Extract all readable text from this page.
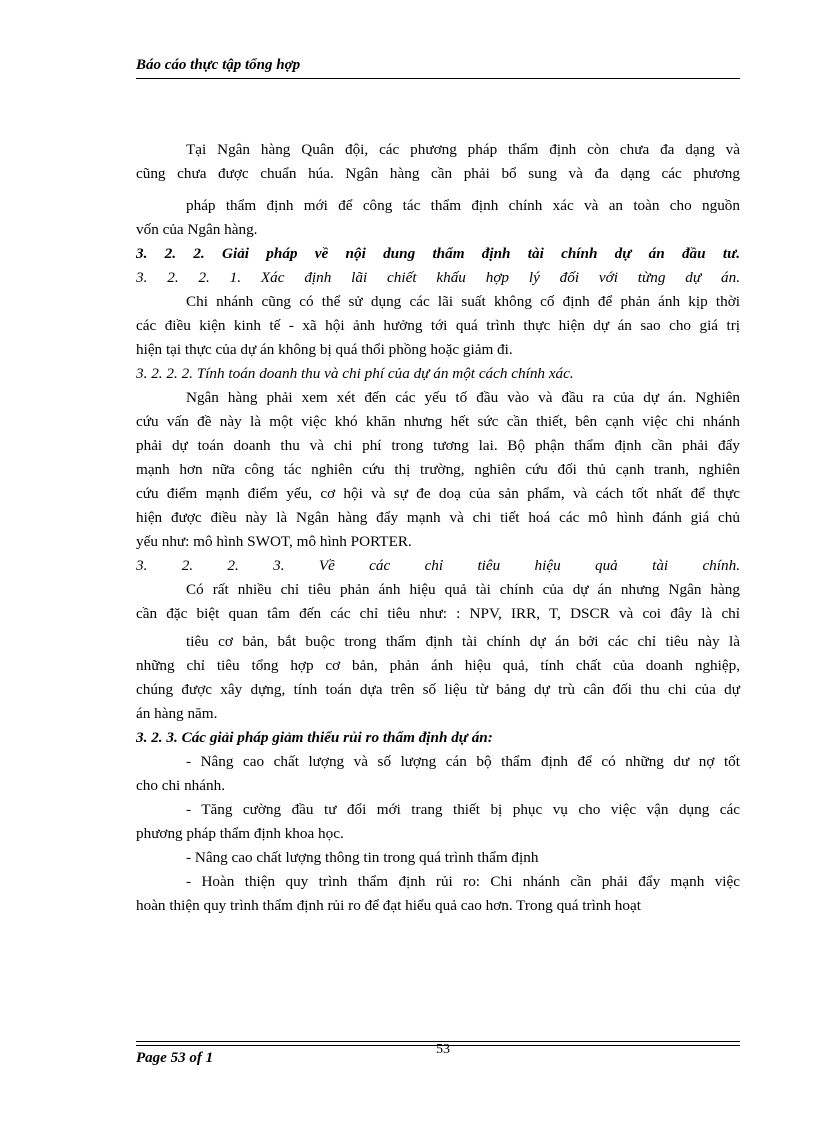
Báo cáo thực tập tổng hợp

Tại Ngân hàng Quân đội, các phương pháp thẩm định còn chưa đa dạng và
cũng chưa được chuẩn húa. Ngân hàng cần phải bổ sung và đa dạng các phương

pháp thẩm định mới để công tác thẩm định chính xác và an toàn cho nguồn
vốn của Ngân hàng.

3. 2. 2. Giải pháp về nội dung thẩm định tài chính dự án đầu tư.

3. 2. 2. 1. Xác định lãi chiết khấu hợp lý đối với từng dự án.

Chi nhánh cũng có thể sử dụng các lãi suất không cố định để phản ánh kịp thời
các điều kiện kinh tế - xã hội ảnh hưởng tới quá trình thực hiện dự án sao cho giá trị
hiện tại thực của dự án không bị quá thổi phồng hoặc giảm đi.

3. 2. 2. 2. Tính toán doanh thu và chi phí của dự án một cách chính xác.

Ngân hàng phải xem xét đến các yếu tố đầu vào và đầu ra của dự án. Nghiên
cứu vấn đề này là một việc khó khăn nhưng hết sức cần thiết, bên cạnh việc chi nhánh
phải dự toán doanh thu và chi phí trong tương lai. Bộ phận thẩm định cần phải đẩy
mạnh hơn nữa công tác nghiên cứu thị trường, nghiên cứu đối thủ cạnh tranh, nghiên
cứu điểm mạnh điểm yếu, cơ hội và sự đe doạ của sản phẩm, và cách tốt nhất để thực
hiện được điều này là Ngân hàng đẩy mạnh và chi tiết hoá các mô hình đánh giá chủ
yếu như: mô hình SWOT, mô hình PORTER.

3. 2. 2. 3. Về các chỉ tiêu hiệu quả tài chính.

Có rất nhiều chỉ tiêu phản ánh hiệu quả tài chính của dự án nhưng Ngân hàng
cần đặc biệt quan tâm đến các chỉ tiêu như: : NPV, IRR, T, DSCR và coi đây là chỉ

tiêu cơ bản, bắt buộc trong thẩm định tài chính dự án bởi các chỉ tiêu này là
những chỉ tiêu tổng hợp cơ bản, phản ánh hiệu quả, tính chất của doanh nghiệp,
chúng được xây dựng, tính toán dựa trên số liệu từ bảng dự trù cân đối thu chi của dự
án hàng năm.

3. 2. 3. Các giải pháp giảm thiểu rủi ro thẩm định dự án:

- Nâng cao chất lượng và số lượng cán bộ thẩm định để có những dư nợ tốt
cho chi nhánh.

- Tăng cường đầu tư đổi mới trang thiết bị phục vụ cho việc vận dụng các
phương pháp thẩm định khoa học.

- Nâng cao chất lượng thông tin trong quá trình thẩm định

- Hoàn thiện quy trình thẩm định rủi ro: Chi nhánh cần phải đẩy mạnh việc
hoàn thiện quy trình thẩm định rủi ro để đạt hiểu quả cao hơn. Trong quá trình hoạt

53

Page 53 of 1
